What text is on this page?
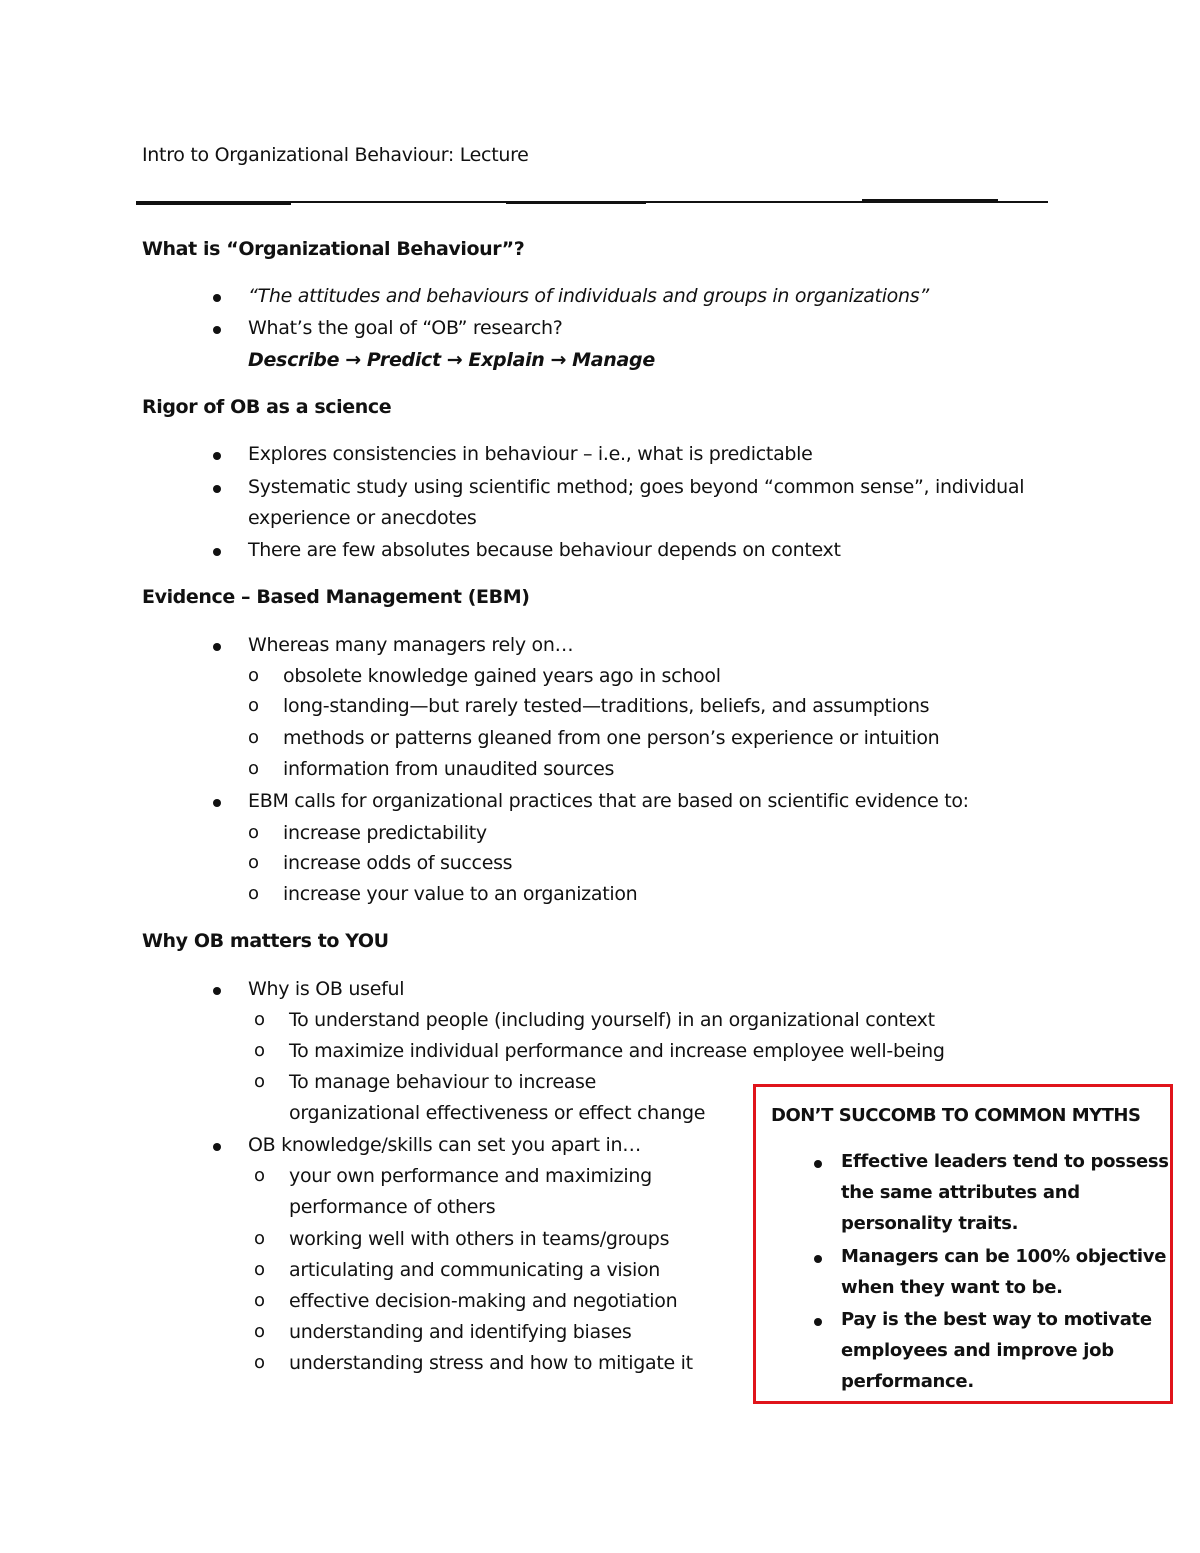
Intro to Organizational Behaviour: Lecture
What is “Organizational Behaviour”?
“The attitudes and behaviours of individuals and groups in organizations”
What’s the goal of “OB” research?
Describe → Predict → Explain → Manage
Rigor of OB as a science
Explores consistencies in behaviour – i.e., what is predictable
Systematic study using scientific method; goes beyond “common sense”, individual
experience or anecdotes
There are few absolutes because behaviour depends on context
Evidence – Based Management (EBM)
Whereas many managers rely on…
o obsolete knowledge gained years ago in school
o long-standing—but rarely tested—traditions, beliefs, and assumptions
o methods or patterns gleaned from one person’s experience or intuition
o information from unaudited sources
EBM calls for organizational practices that are based on scientific evidence to:
o increase predictability
o increase odds of success
o increase your value to an organization
Why OB matters to YOU
Why is OB useful
o To understand people (including yourself) in an organizational context
o To maximize individual performance and increase employee well-being
o To manage behaviour to increase
organizational effectiveness or effect change
OB knowledge/skills can set you apart in…
o your own performance and maximizing
performance of others
o working well with others in teams/groups
o articulating and communicating a vision
o effective decision-making and negotiation
o understanding and identifying biases
o understanding stress and how to mitigate it
DON’T SUCCOMB TO COMMON MYTHS
Effective leaders tend to possess
the same attributes and
personality traits.
Managers can be 100% objective
when they want to be.
Pay is the best way to motivate
employees and improve job
performance.
